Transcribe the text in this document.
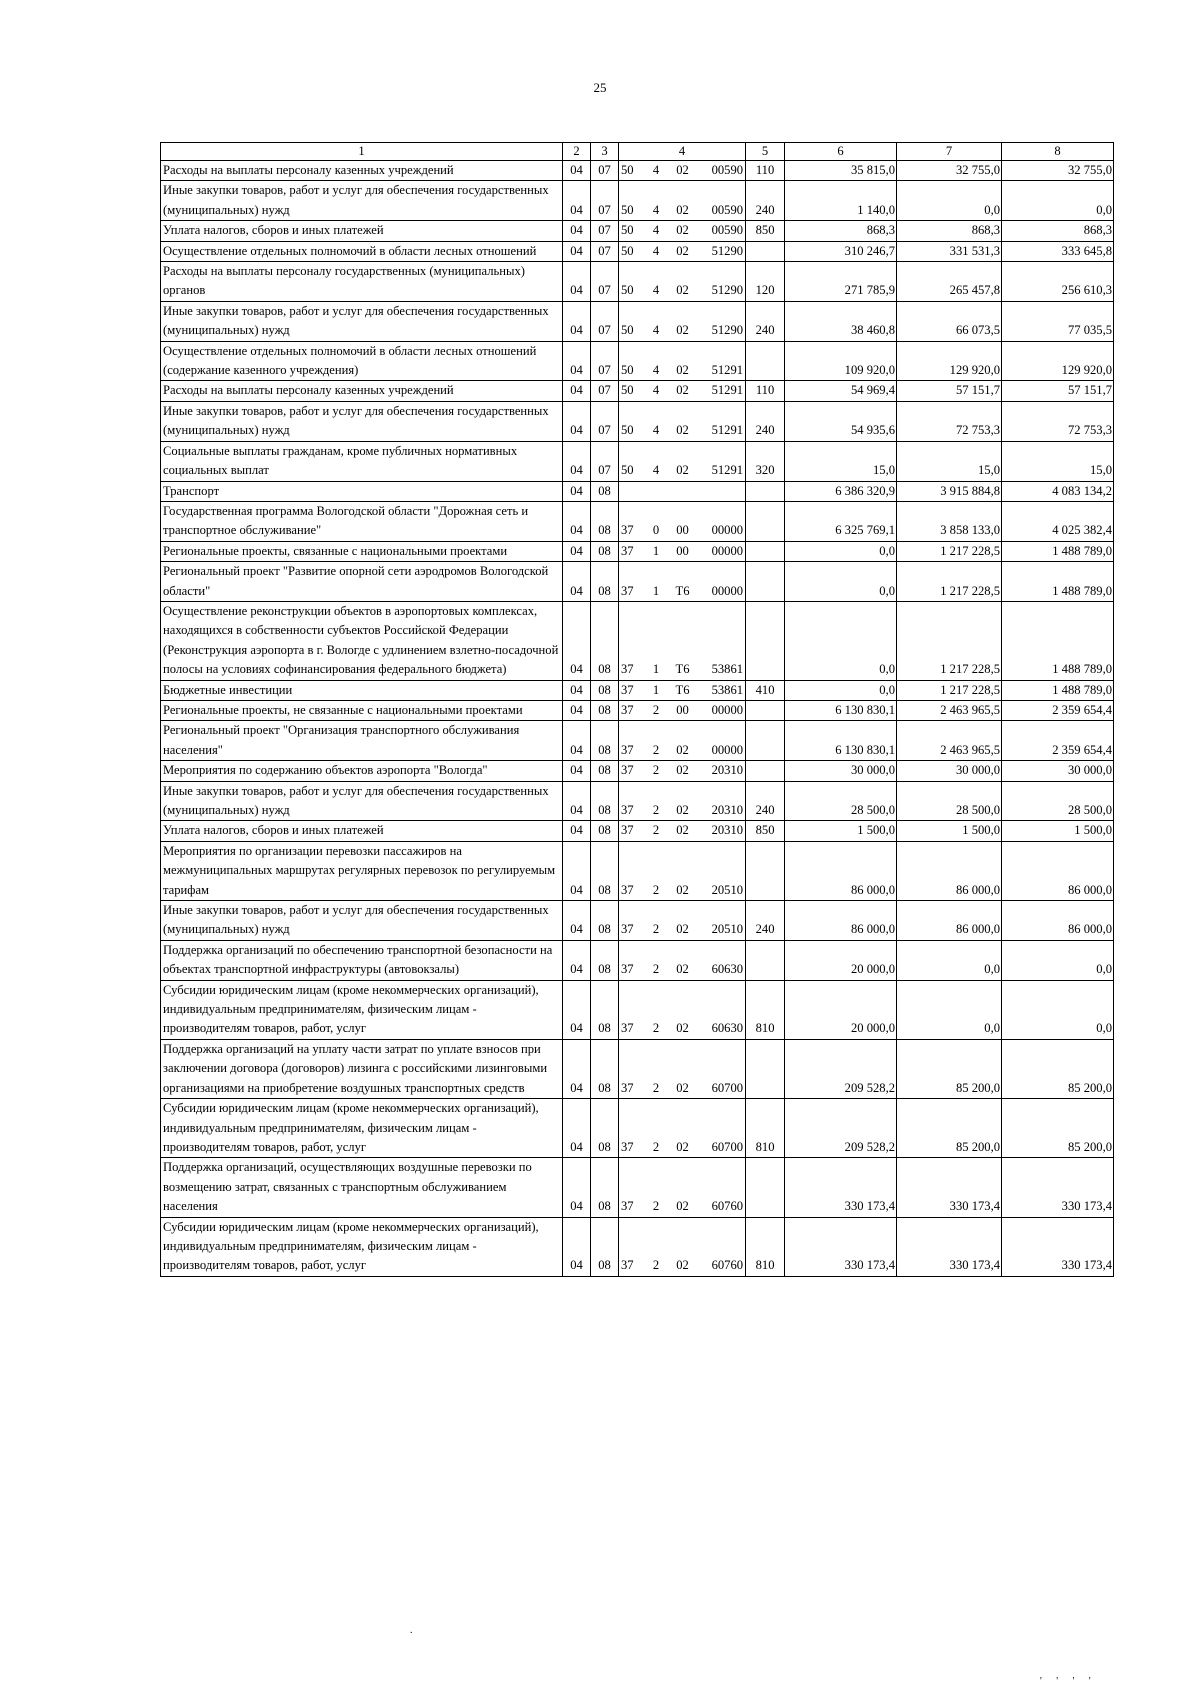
25
1	2	3	4				5	6	7	8
Расходы на выплаты персоналу казенных учреждений	04	07	50	4	02	00590	110	35 815,0	32 755,0	32 755,0
Иные закупки товаров, работ и услуг для обеспечения государственных (муниципальных) нужд	04	07	50	4	02	00590	240	1 140,0	0,0	0,0
Уплата налогов, сборов и иных платежей	04	07	50	4	02	00590	850	868,3	868,3	868,3
Осуществление отдельных полномочий в области лесных отношений	04	07	50	4	02	51290		310 246,7	331 531,3	333 645,8
Расходы на выплаты персоналу государственных (муниципальных) органов	04	07	50	4	02	51290	120	271 785,9	265 457,8	256 610,3
Иные закупки товаров, работ и услуг для обеспечения государственных (муниципальных) нужд	04	07	50	4	02	51290	240	38 460,8	66 073,5	77 035,5
Осуществление отдельных полномочий в области лесных отношений (содержание казенного учреждения)	04	07	50	4	02	51291		109 920,0	129 920,0	129 920,0
Расходы на выплаты персоналу казенных учреждений	04	07	50	4	02	51291	110	54 969,4	57 151,7	57 151,7
Иные закупки товаров, работ и услуг для обеспечения государственных (муниципальных) нужд	04	07	50	4	02	51291	240	54 935,6	72 753,3	72 753,3
Социальные выплаты гражданам, кроме публичных нормативных социальных выплат	04	07	50	4	02	51291	320	15,0	15,0	15,0
Транспорт	04	08						6 386 320,9	3 915 884,8	4 083 134,2
Государственная программа Вологодской области "Дорожная сеть и транспортное обслуживание"	04	08	37	0	00	00000		6 325 769,1	3 858 133,0	4 025 382,4
Региональные проекты, связанные с национальными проектами	04	08	37	1	00	00000		0,0	1 217 228,5	1 488 789,0
Региональный проект "Развитие опорной сети аэродромов Вологодской области"	04	08	37	1	Т6	00000		0,0	1 217 228,5	1 488 789,0
Осуществление реконструкции объектов в аэропортовых комплексах, находящихся в собственности субъектов Российской Федерации (Реконструкция аэропорта в г. Вологде с удлинением взлетно-посадочной полосы на условиях софинансирования федерального бюджета)	04	08	37	1	Т6	53861		0,0	1 217 228,5	1 488 789,0
Бюджетные инвестиции	04	08	37	1	Т6	53861	410	0,0	1 217 228,5	1 488 789,0
Региональные проекты, не связанные с национальными проектами	04	08	37	2	00	00000		6 130 830,1	2 463 965,5	2 359 654,4
Региональный проект "Организация транспортного обслуживания населения"	04	08	37	2	02	00000		6 130 830,1	2 463 965,5	2 359 654,4
Мероприятия по содержанию объектов аэропорта "Вологда"	04	08	37	2	02	20310		30 000,0	30 000,0	30 000,0
Иные закупки товаров, работ и услуг для обеспечения государственных (муниципальных) нужд	04	08	37	2	02	20310	240	28 500,0	28 500,0	28 500,0
Уплата налогов, сборов и иных платежей	04	08	37	2	02	20310	850	1 500,0	1 500,0	1 500,0
Мероприятия по организации перевозки пассажиров на межмуниципальных маршрутах регулярных перевозок по регулируемым тарифам	04	08	37	2	02	20510		86 000,0	86 000,0	86 000,0
Иные закупки товаров, работ и услуг для обеспечения государственных (муниципальных) нужд	04	08	37	2	02	20510	240	86 000,0	86 000,0	86 000,0
Поддержка организаций по обеспечению транспортной безопасности на объектах транспортной инфраструктуры (автовокзалы)	04	08	37	2	02	60630		20 000,0	0,0	0,0
Субсидии юридическим лицам (кроме некоммерческих организаций), индивидуальным предпринимателям, физическим лицам - производителям товаров, работ, услуг	04	08	37	2	02	60630	810	20 000,0	0,0	0,0
Поддержка организаций на уплату части затрат по уплате взносов при заключении договора (договоров) лизинга с российскими лизинговыми организациями на приобретение воздушных транспортных средств	04	08	37	2	02	60700		209 528,2	85 200,0	85 200,0
Субсидии юридическим лицам (кроме некоммерческих организаций), индивидуальным предпринимателям, физическим лицам - производителям товаров, работ, услуг	04	08	37	2	02	60700	810	209 528,2	85 200,0	85 200,0
Поддержка организаций, осуществляющих воздушные перевозки по возмещению затрат, связанных с транспортным обслуживанием населения	04	08	37	2	02	60760		330 173,4	330 173,4	330 173,4
Субсидии юридическим лицам (кроме некоммерческих организаций), индивидуальным предпринимателям, физическим лицам - производителям товаров, работ, услуг	04	08	37	2	02	60760	810	330 173,4	330 173,4	330 173,4
.
' ' ' '
